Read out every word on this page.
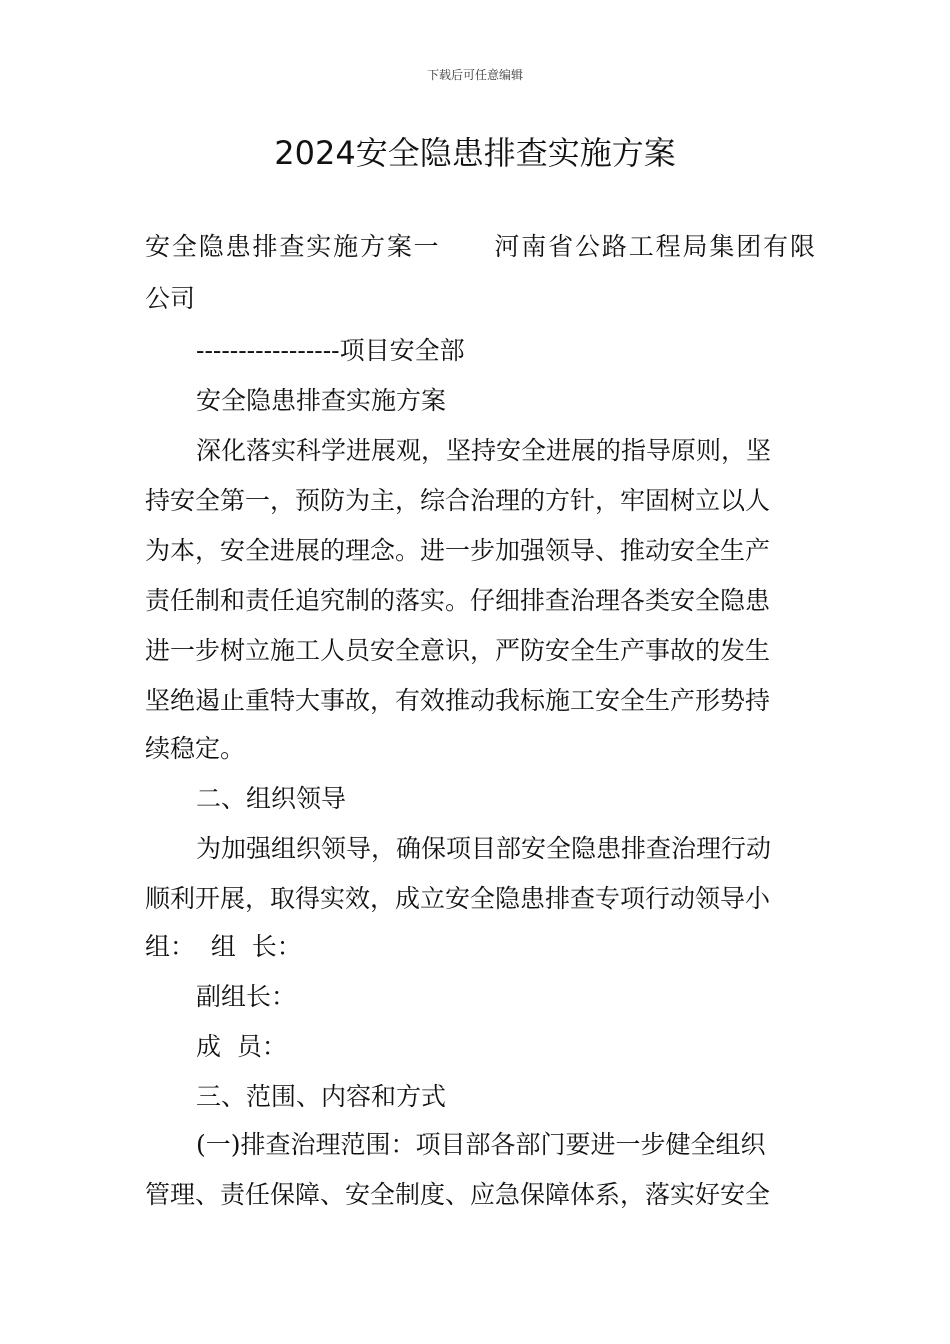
下载后可任意编辑
2024安全隐患排查实施方案
安全隐患排查实施方案一 河南省公路工程局集团有限
公司
-----------------项目安全部
安全隐患排查实施方案
深化落实科学进展观，坚持安全进展的指导原则，坚
持安全第一，预防为主，综合治理的方针，牢固树立以人
为本，安全进展的理念。进一步加强领导、推动安全生产
责任制和责任追究制的落实。仔细排查治理各类安全隐患
进一步树立施工人员安全意识，严防安全生产事故的发生
坚绝遏止重特大事故，有效推动我标施工安全生产形势持
续稳定。
二、组织领导
为加强组织领导，确保项目部安全隐患排查治理行动
顺利开展，取得实效，成立安全隐患排查专项行动领导小
组：  组  长：
副组长：
成  员：
三、范围、内容和方式
(一)排查治理范围：项目部各部门要进一步健全组织
管理、责任保障、安全制度、应急保障体系，落实好安全
